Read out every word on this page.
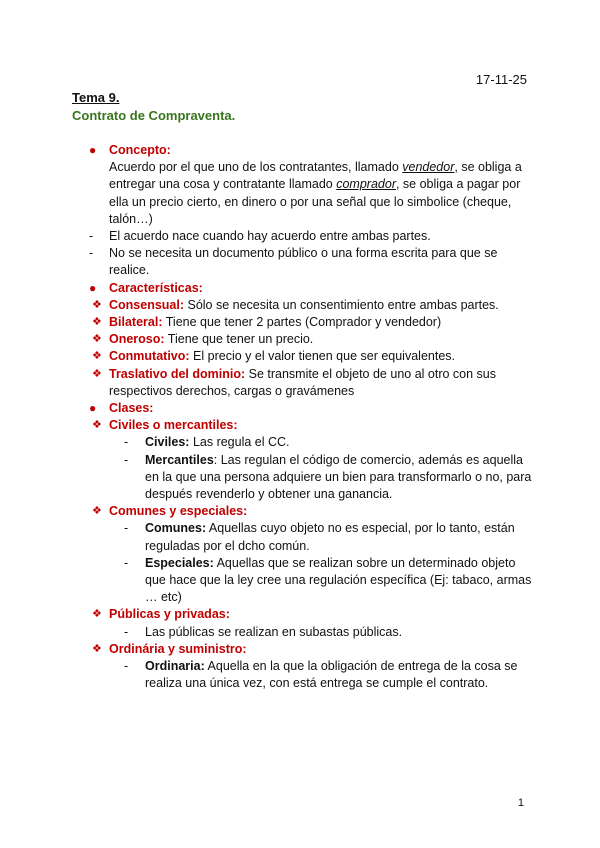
17-11-25
Tema 9.
Contrato de Compraventa.
● Concepto:
Acuerdo por el que uno de los contratantes, llamado vendedor, se obliga a entregar una cosa y contratante llamado comprador, se obliga a pagar por ella un precio cierto, en dinero o por una señal que lo simbolice (cheque, talón…)
- El acuerdo nace cuando hay acuerdo entre ambas partes.
- No se necesita un documento público o una forma escrita para que se realice.
● Características:
❖ Consensual: Sólo se necesita un consentimiento entre ambas partes.
❖ Bilateral: Tiene que tener 2 partes (Comprador y vendedor)
❖ Oneroso: Tiene que tener un precio.
❖ Conmutativo: El precio y el valor tienen que ser equivalentes.
❖ Traslativo del dominio: Se transmite el objeto de uno al otro con sus respectivos derechos, cargas o gravámenes
● Clases:
❖ Civiles o mercantiles:
- Civiles: Las regula el CC.
- Mercantiles: Las regulan el código de comercio, además es aquella en la que una persona adquiere un bien para transformarlo o no, para después revenderlo y obtener una ganancia.
❖ Comunes y especiales:
- Comunes: Aquellas cuyo objeto no es especial, por lo tanto, están reguladas por el dcho común.
- Especiales: Aquellas que se realizan sobre un determinado objeto que hace que la ley cree una regulación específica (Ej: tabaco, armas … etc)
❖ Públicas y privadas:
- Las públicas se realizan en subastas públicas.
❖ Ordinária y suministro:
- Ordinaria: Aquella en la que la obligación de entrega de la cosa se realiza una única vez, con está entrega se cumple el contrato.
1
